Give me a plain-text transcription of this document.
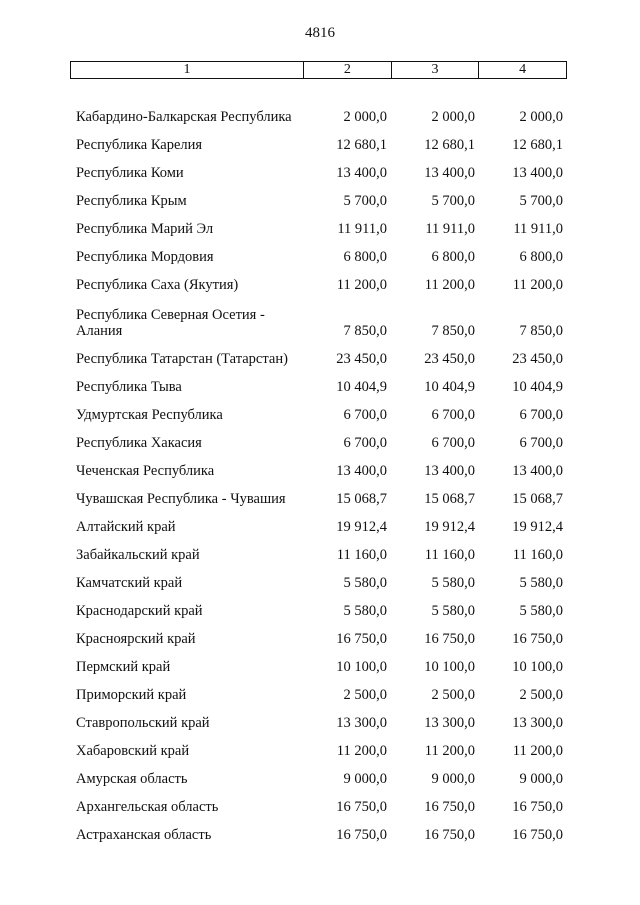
4816
1	2	3	4
Кабардино-Балкарская Республика	2 000,0	2 000,0	2 000,0
Республика Карелия	12 680,1	12 680,1	12 680,1
Республика Коми	13 400,0	13 400,0	13 400,0
Республика Крым	5 700,0	5 700,0	5 700,0
Республика Марий Эл	11 911,0	11 911,0	11 911,0
Республика Мордовия	6 800,0	6 800,0	6 800,0
Республика Саха (Якутия)	11 200,0	11 200,0	11 200,0
Республика Северная Осетия - Алания	7 850,0	7 850,0	7 850,0
Республика Татарстан (Татарстан)	23 450,0	23 450,0	23 450,0
Республика Тыва	10 404,9	10 404,9	10 404,9
Удмуртская Республика	6 700,0	6 700,0	6 700,0
Республика Хакасия	6 700,0	6 700,0	6 700,0
Чеченская Республика	13 400,0	13 400,0	13 400,0
Чувашская Республика - Чувашия	15 068,7	15 068,7	15 068,7
Алтайский край	19 912,4	19 912,4	19 912,4
Забайкальский край	11 160,0	11 160,0	11 160,0
Камчатский край	5 580,0	5 580,0	5 580,0
Краснодарский край	5 580,0	5 580,0	5 580,0
Красноярский край	16 750,0	16 750,0	16 750,0
Пермский край	10 100,0	10 100,0	10 100,0
Приморский край	2 500,0	2 500,0	2 500,0
Ставропольский край	13 300,0	13 300,0	13 300,0
Хабаровский край	11 200,0	11 200,0	11 200,0
Амурская область	9 000,0	9 000,0	9 000,0
Архангельская область	16 750,0	16 750,0	16 750,0
Астраханская область	16 750,0	16 750,0	16 750,0
